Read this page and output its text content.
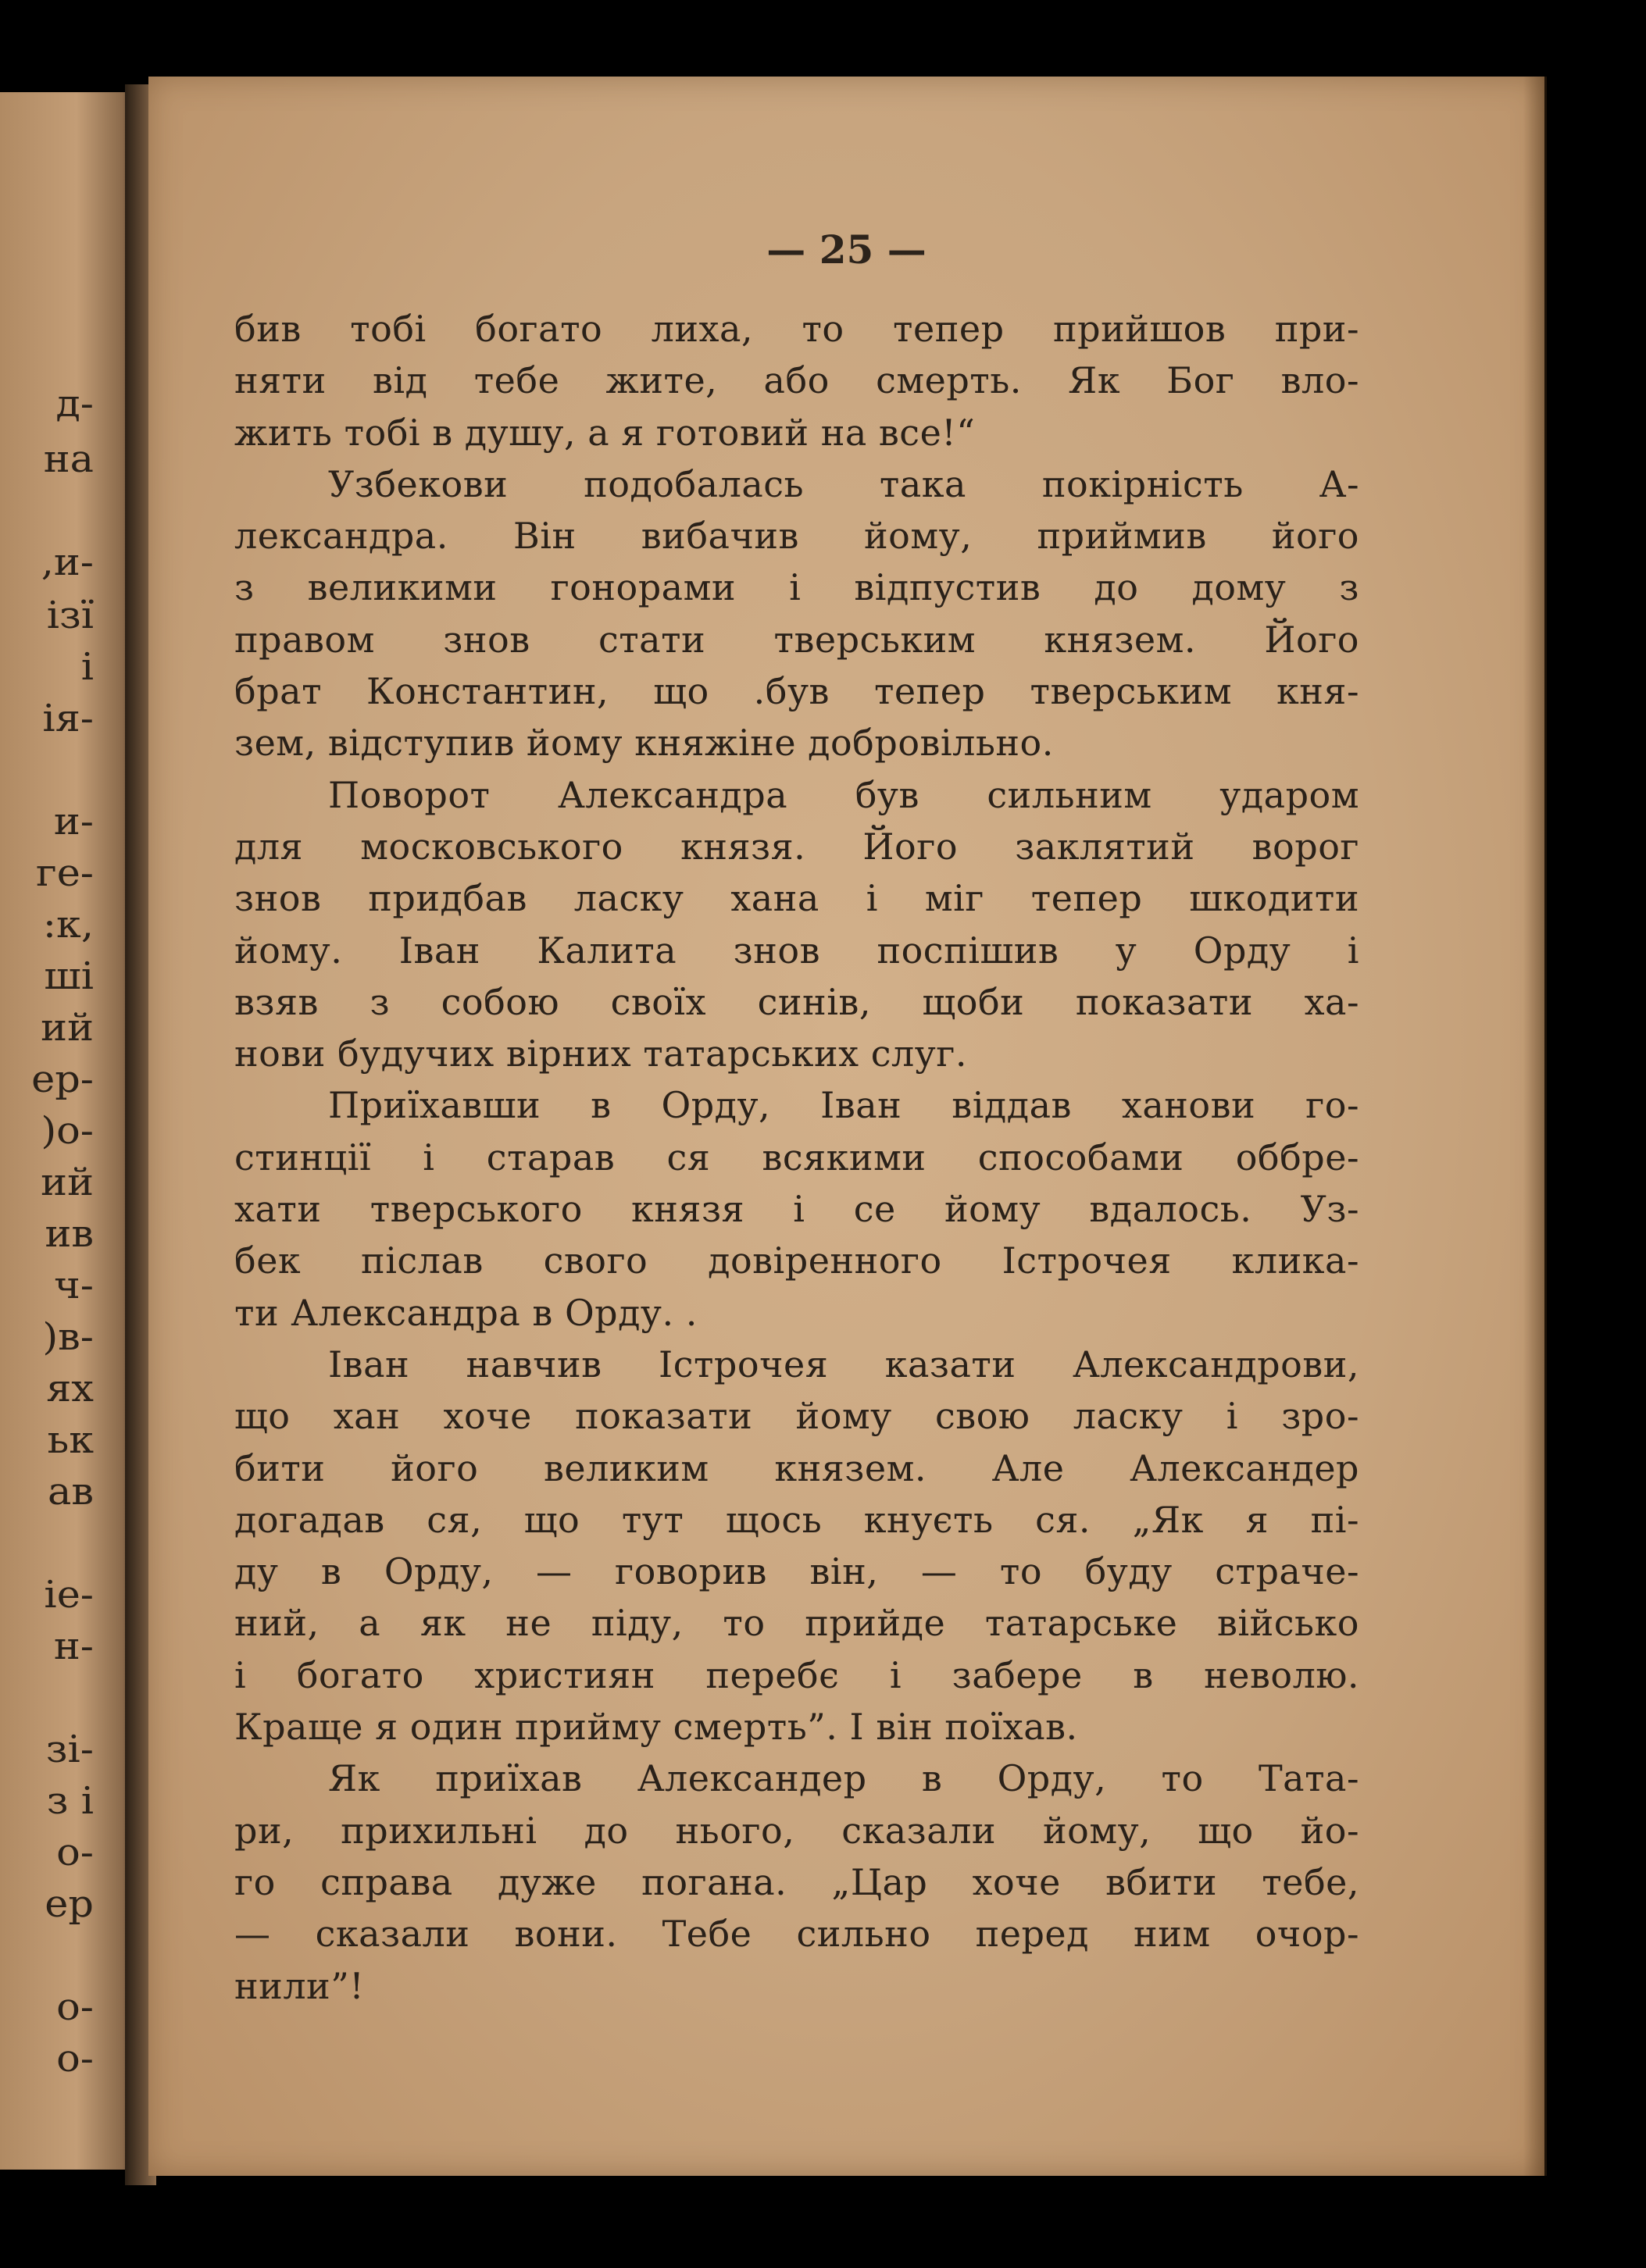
д-
на
,и-
ізї
і
ія-
и-
ге-
:к,
ші
ий
ер-
)о-
ий
ив
ч-
)в-
ях
ьк
ав
іе-
н-
зі-
з і
о-
ер
о-
о-
— 25 —
бив тобі богато лиха, то тепер прийшов при-
няти від тебе жите, або смерть. Як Бог вло-
жить тобі в душу, а я готовий на все!“
Узбекови подобалась така покірність А-
лександра. Він вибачив йому, приймив його
з великими гонорами і відпустив до дому з
правом знов стати тверським князем. Його
брат Константин, що .був тепер тверським кня-
зем, відступив йому княжіне добровільно.
Поворот Александра був сильним ударом
для московського князя. Його заклятий ворог
знов придбав ласку хана і міг тепер шкодити
йому. Іван Калита знов поспішив у Орду і
взяв з собою своїх синів, щоби показати ха-
нови будучих вірних татарських слуг.
Приїхавши в Орду, Іван віддав ханови го-
стинції і старав ся всякими способами оббре-
хати тверського князя і се йому вдалось. Уз-
бек післав свого довіренного Істрочея клика-
ти Александра в Орду. .
Іван навчив Істрочея казати Александрови,
що хан хоче показати йому свою ласку і зро-
бити його великим князем. Але Александер
догадав ся, що тут щось кнуєть ся. „Як я пі-
ду в Орду, — говорив він, — то буду страче-
ний, а як не піду, то прийде татарське військо
і богато християн перебє і забере в неволю.
Краще я один прийму смерть”. І він поїхав.
Як приїхав Александер в Орду, то Тата-
ри, прихильні до нього, сказали йому, що йо-
го справа дуже погана. „Цар хоче вбити тебе,
— сказали вони. Тебе сильно перед ним очор-
нили”!
